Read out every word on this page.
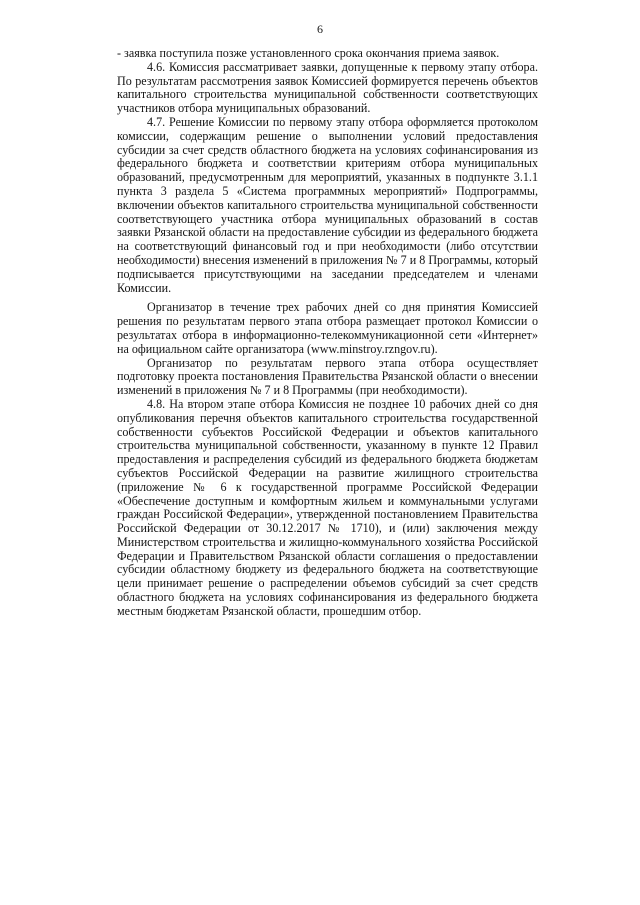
6

- заявка поступила позже установленного срока окончания приема заявок.

4.6. Комиссия рассматривает заявки, допущенные к первому этапу отбора. По результатам рассмотрения заявок Комиссией формируется перечень объектов капитального строительства муниципальной собственности соответствующих участников отбора муниципальных образований.

4.7. Решение Комиссии по первому этапу отбора оформляется протоколом комиссии, содержащим решение о выполнении условий предоставления субсидии за счет средств областного бюджета на условиях софинансирования из федерального бюджета и соответствии критериям отбора муниципальных образований, предусмотренным для мероприятий, указанных в подпункте 3.1.1 пункта 3 раздела 5 «Система программных мероприятий» Подпрограммы, включении объектов капитального строительства муниципальной собственности соответствующего участника отбора муниципальных образований в состав заявки Рязанской области на предоставление субсидии из федерального бюджета на соответствующий финансовый год и при необходимости (либо отсутствии необходимости) внесения изменений в приложения № 7 и 8 Программы, который подписывается присутствующими на заседании председателем и членами Комиссии.

Организатор в течение трех рабочих дней со дня принятия Комиссией решения по результатам первого этапа отбора размещает протокол Комиссии о результатах отбора в информационно-телекоммуникационной сети «Интернет» на официальном сайте организатора (www.minstroy.rzngov.ru).

Организатор по результатам первого этапа отбора осуществляет подготовку проекта постановления Правительства Рязанской области о внесении изменений в приложения № 7 и 8 Программы (при необходимости).

4.8. На втором этапе отбора Комиссия не позднее 10 рабочих дней со дня опубликования перечня объектов капитального строительства государственной собственности субъектов Российской Федерации и объектов капитального строительства муниципальной собственности, указанному в пункте 12 Правил предоставления и распределения субсидий из федерального бюджета бюджетам субъектов Российской Федерации на развитие жилищного строительства (приложение № 6 к государственной программе Российской Федерации «Обеспечение доступным и комфортным жильем и коммунальными услугами граждан Российской Федерации», утвержденной постановлением Правительства Российской Федерации от 30.12.2017 № 1710), и (или) заключения между Министерством строительства и жилищно-коммунального хозяйства Российской Федерации и Правительством Рязанской области соглашения о предоставлении субсидии областному бюджету из федерального бюджета на соответствующие цели принимает решение о распределении объемов субсидий за счет средств областного бюджета на условиях софинансирования из федерального бюджета местным бюджетам Рязанской области, прошедшим отбор.
